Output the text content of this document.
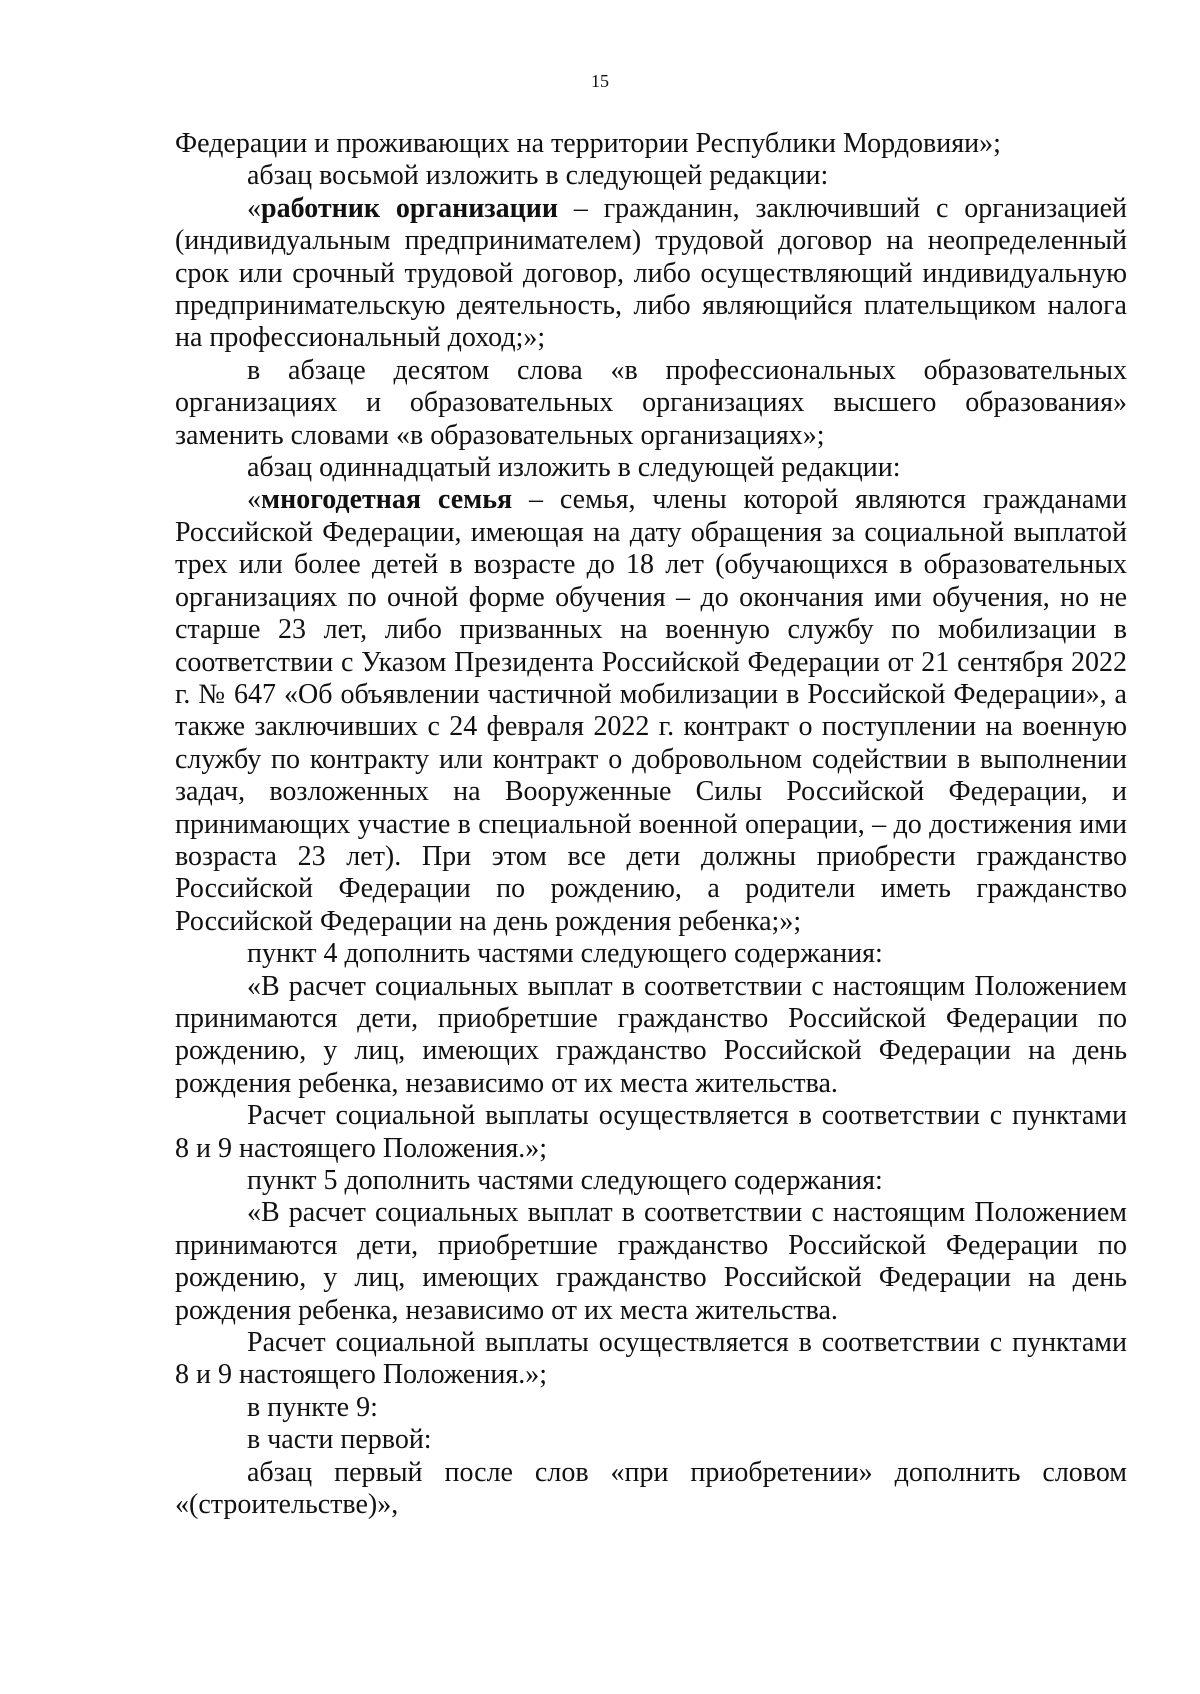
15

Федерации и проживающих на территории Республики Мордовияи»;

абзац восьмой изложить в следующей редакции:

«работник организации – гражданин, заключивший с организацией (индивидуальным предпринимателем) трудовой договор на неопределенный срок или срочный трудовой договор, либо осуществляющий индивидуальную предпринимательскую деятельность, либо являющийся плательщиком налога на профессиональный доход;»;

в абзаце десятом слова «в профессиональных образовательных организациях и образовательных организациях высшего образования» заменить словами «в образовательных организациях»;

абзац одиннадцатый изложить в следующей редакции:

«многодетная семья – семья, члены которой являются гражданами Российской Федерации, имеющая на дату обращения за социальной выплатой трех или более детей в возрасте до 18 лет (обучающихся в образовательных организациях по очной форме обучения – до окончания ими обучения, но не старше 23 лет, либо призванных на военную службу по мобилизации в соответствии с Указом Президента Российской Федерации от 21 сентября 2022 г. № 647 «Об объявлении частичной мобилизации в Российской Федерации», а также заключивших с 24 февраля 2022 г. контракт о поступлении на военную службу по контракту или контракт о добровольном содействии в выполнении задач, возложенных на Вооруженные Силы Российской Федерации, и принимающих участие в специальной военной операции, – до достижения ими возраста 23 лет). При этом все дети должны приобрести гражданство Российской Федерации по рождению, а родители иметь гражданство Российской Федерации на день рождения ребенка;»;

пункт 4 дополнить частями следующего содержания:

«В расчет социальных выплат в соответствии с настоящим Положением принимаются дети, приобретшие гражданство Российской Федерации по рождению, у лиц, имеющих гражданство Российской Федерации на день рождения ребенка, независимо от их места жительства.

Расчет социальной выплаты осуществляется в соответствии с пунктами 8 и 9 настоящего Положения.»;

пункт 5 дополнить частями следующего содержания:

«В расчет социальных выплат в соответствии с настоящим Положением принимаются дети, приобретшие гражданство Российской Федерации по рождению, у лиц, имеющих гражданство Российской Федерации на день рождения ребенка, независимо от их места жительства.

Расчет социальной выплаты осуществляется в соответствии с пунктами 8 и 9 настоящего Положения.»;

в пункте 9:

в части первой:

абзац первый после слов «при приобретении» дополнить словом «(строительстве)»,
